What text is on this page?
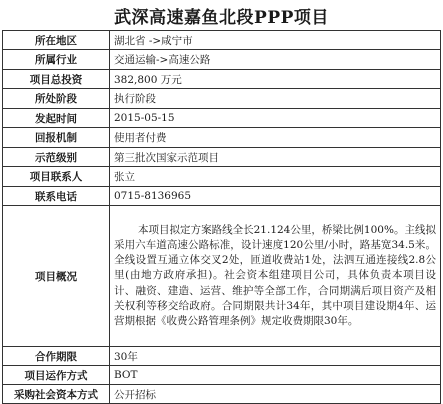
武深高速嘉鱼北段PPP项目
所在地区	湖北省 ->咸宁市
所属行业	交通运输->高速公路
项目总投资	382,800 万元
所处阶段	执行阶段
发起时间	2015-05-15
回报机制	使用者付费
示范级别	第三批次国家示范项目
项目联系人	张立
联系电话	0715-8136965
项目概况	本项目拟定方案路线全长21.124公里，桥梁比例100%。主线拟采用六车道高速公路标准，设计速度120公里/小时，路基宽34.5米。全线设置互通立体交叉2处，匝道收费站1处，法泗互通连接线2.8公里(由地方政府承担)。社会资本组建项目公司，具体负责本项目设计、融资、建造、运营、维护等全部工作，合同期满后项目资产及相关权利等移交给政府。合同期限共计34年，其中项目建设期4年、运营期根据《收费公路管理条例》规定收费期限30年。
合作期限	30年
项目运作方式	BOT
采购社会资本方式	公开招标
